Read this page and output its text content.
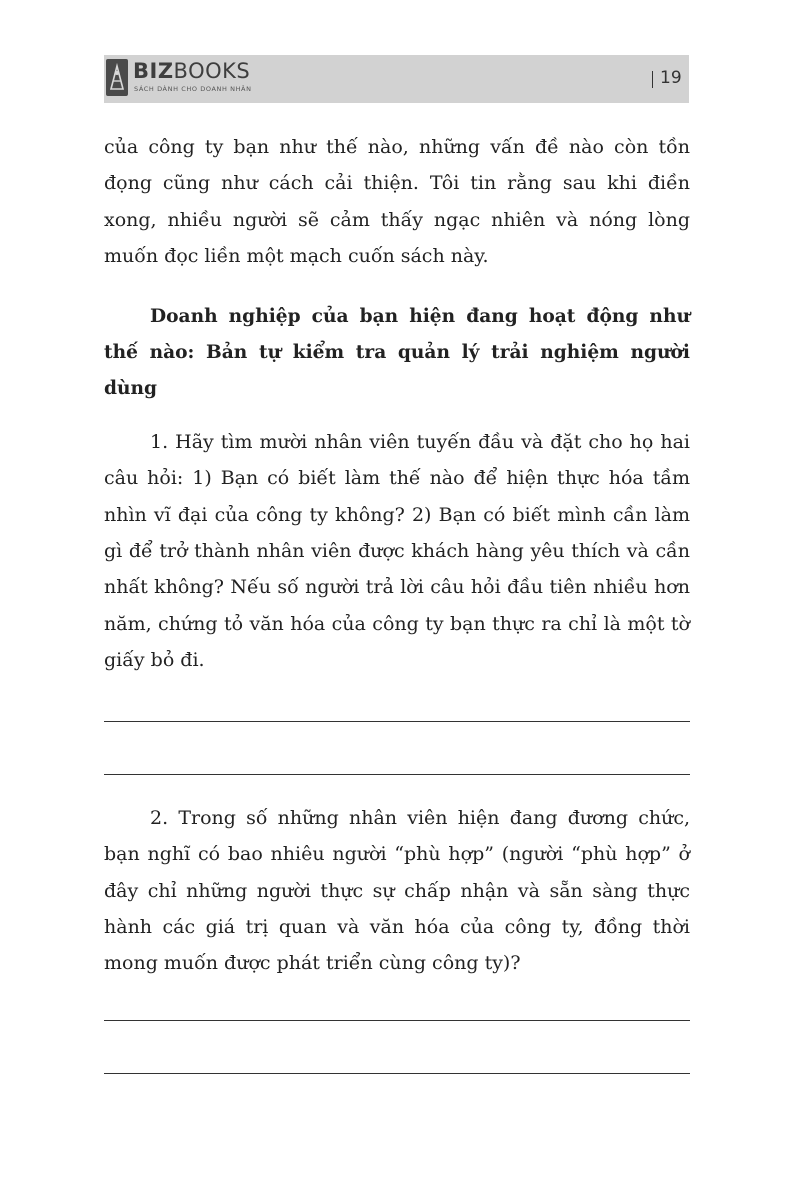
BIZBOOKS
SÁCH DÀNH CHO DOANH NHÂN
19

của công ty bạn như thế nào, những vấn đề nào còn tồn đọng cũng như cách cải thiện. Tôi tin rằng sau khi điền xong, nhiều người sẽ cảm thấy ngạc nhiên và nóng lòng muốn đọc liền một mạch cuốn sách này.

Doanh nghiệp của bạn hiện đang hoạt động như thế nào: Bản tự kiểm tra quản lý trải nghiệm người dùng

1. Hãy tìm mười nhân viên tuyến đầu và đặt cho họ hai câu hỏi: 1) Bạn có biết làm thế nào để hiện thực hóa tầm nhìn vĩ đại của công ty không? 2) Bạn có biết mình cần làm gì để trở thành nhân viên được khách hàng yêu thích và cần nhất không? Nếu số người trả lời câu hỏi đầu tiên nhiều hơn năm, chứng tỏ văn hóa của công ty bạn thực ra chỉ là một tờ giấy bỏ đi.

2. Trong số những nhân viên hiện đang đương chức, bạn nghĩ có bao nhiêu người “phù hợp” (người “phù hợp” ở đây chỉ những người thực sự chấp nhận và sẵn sàng thực hành các giá trị quan và văn hóa của công ty, đồng thời mong muốn được phát triển cùng công ty)?
